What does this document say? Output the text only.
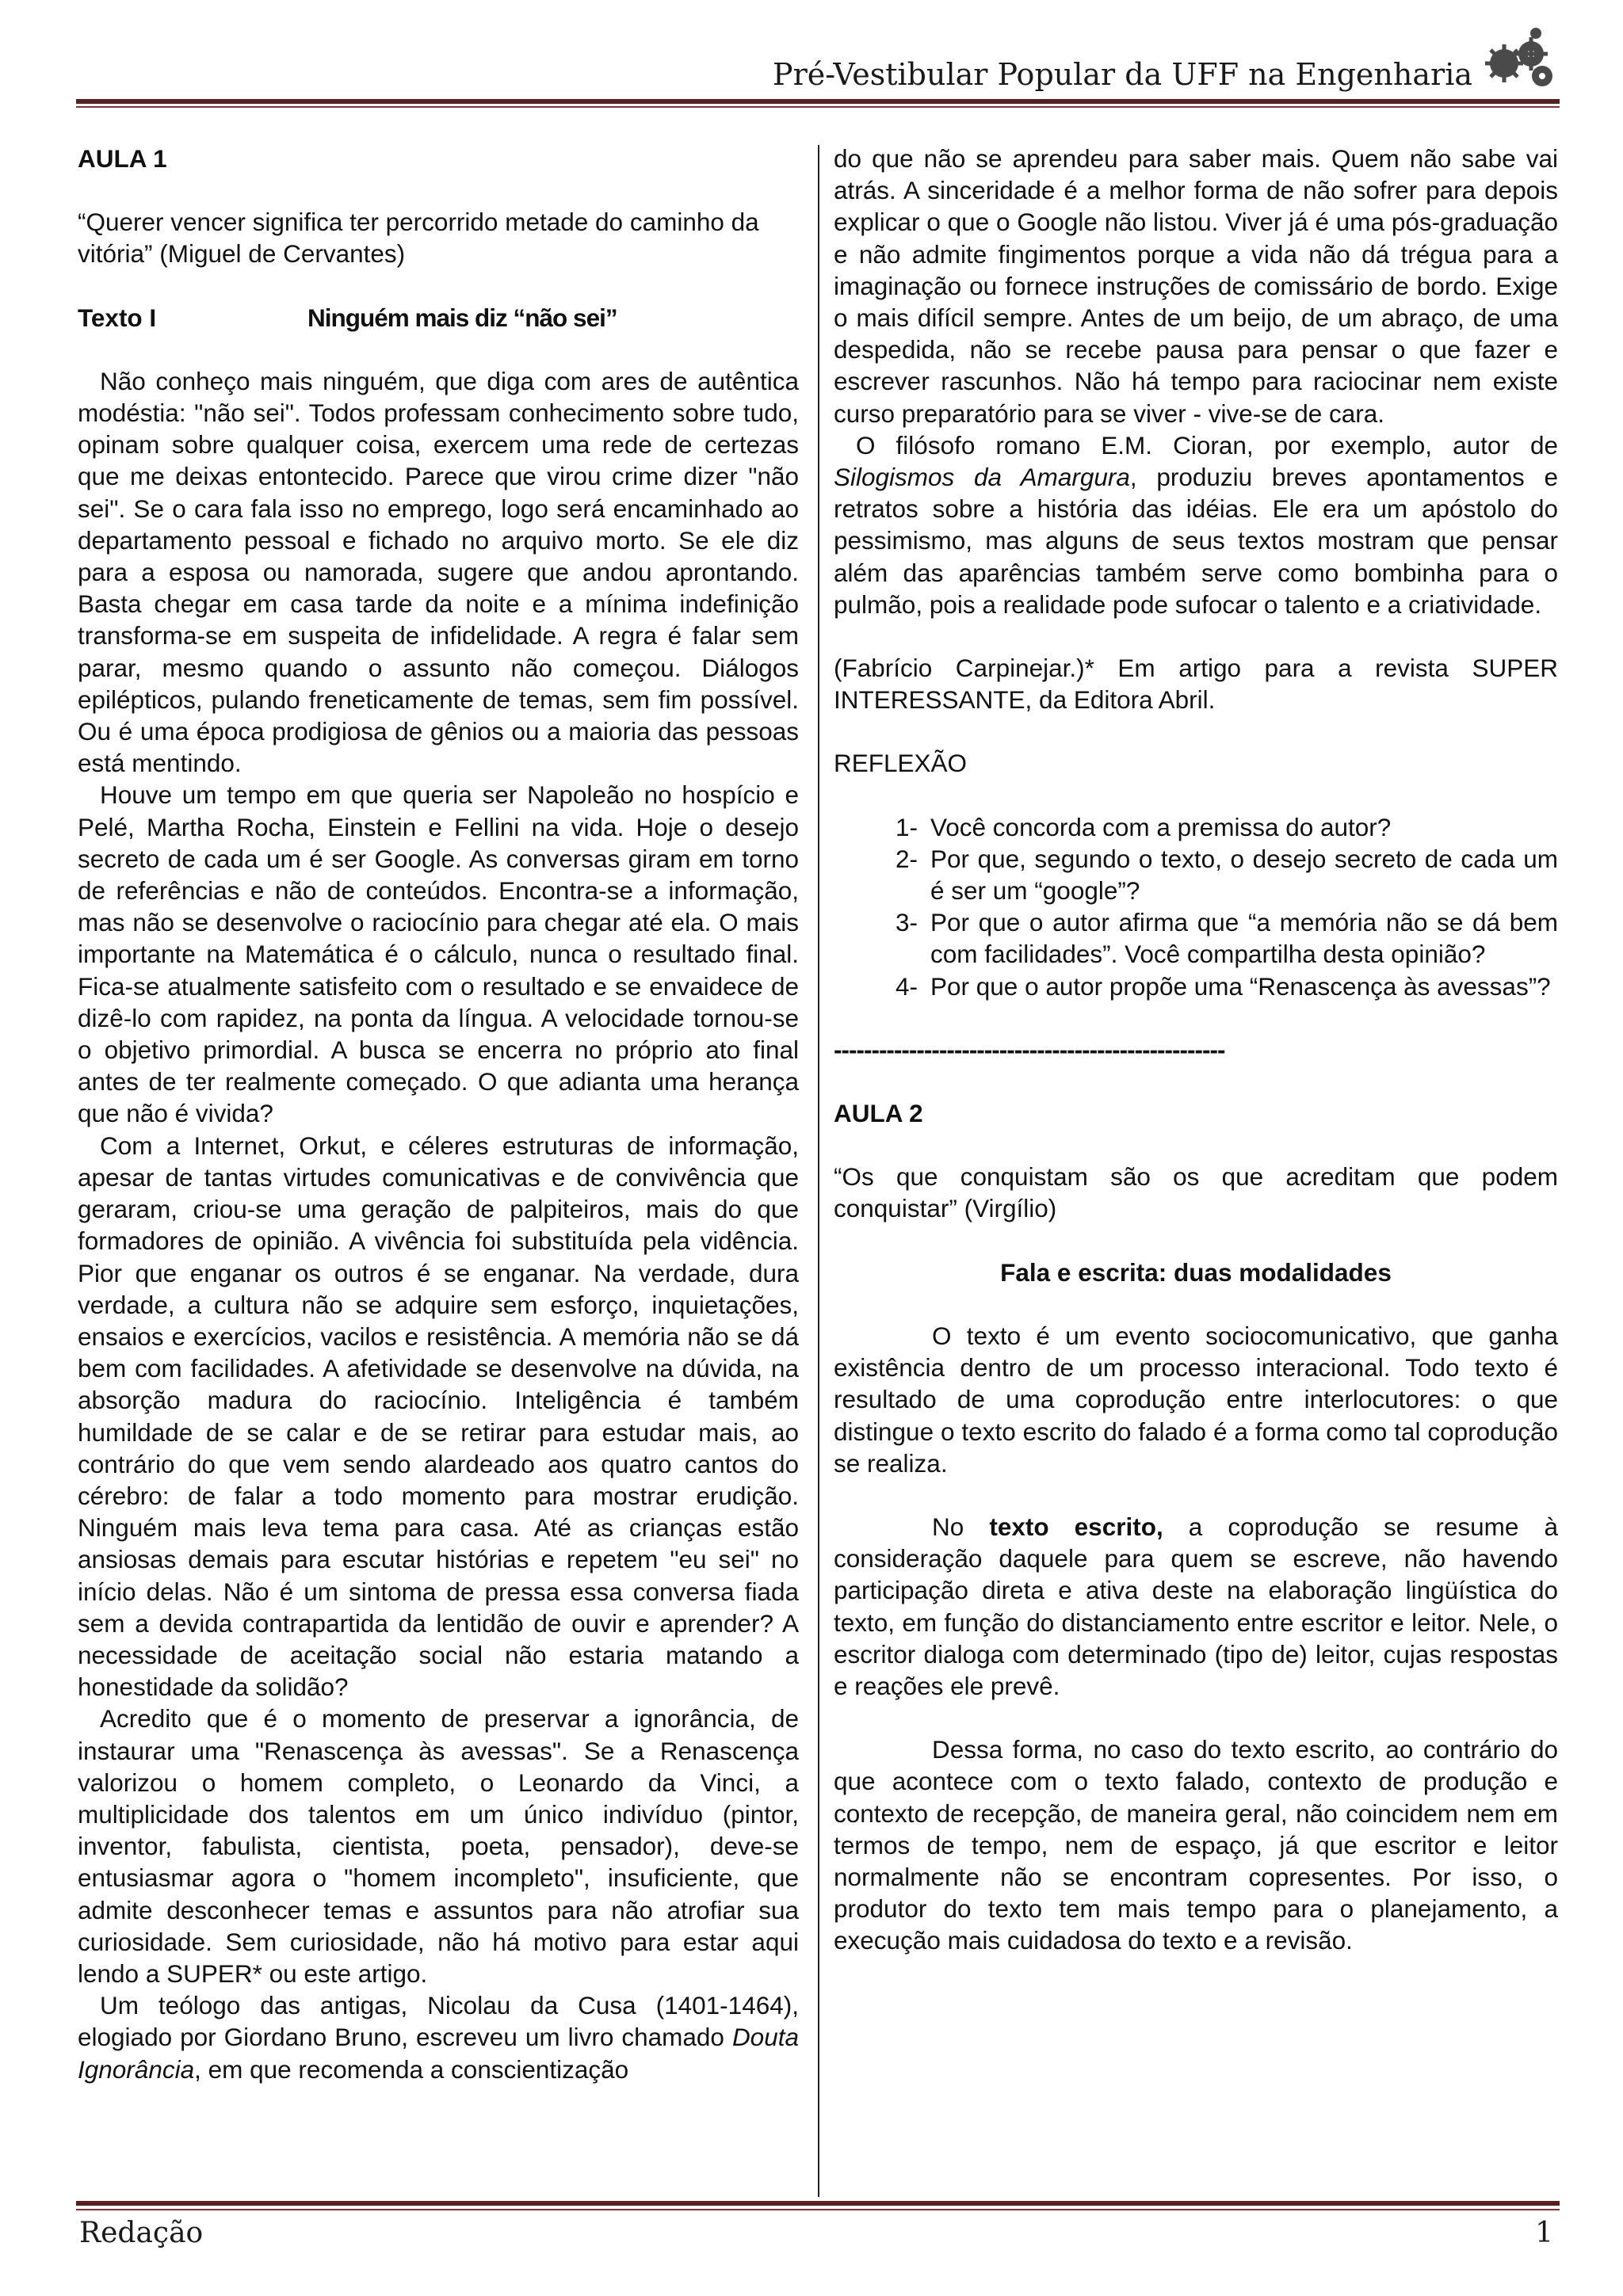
Pré-Vestibular Popular da UFF na Engenharia

AULA 1

“Querer vencer significa ter percorrido metade do caminho da vitória” (Miguel de Cervantes)

Texto I	Ninguém mais diz “não sei”

Não conheço mais ninguém, que diga com ares de autêntica modéstia: "não sei". Todos professam conhecimento sobre tudo, opinam sobre qualquer coisa, exercem uma rede de certezas que me deixas entontecido. Parece que virou crime dizer "não sei". Se o cara fala isso no emprego, logo será encaminhado ao departamento pessoal e fichado no arquivo morto. Se ele diz para a esposa ou namorada, sugere que andou aprontando. Basta chegar em casa tarde da noite e a mínima indefinição transforma-se em suspeita de infidelidade. A regra é falar sem parar, mesmo quando o assunto não começou. Diálogos epilépticos, pulando freneticamente de temas, sem fim possível. Ou é uma época prodigiosa de gênios ou a maioria das pessoas está mentindo.

Houve um tempo em que queria ser Napoleão no hospício e Pelé, Martha Rocha, Einstein e Fellini na vida. Hoje o desejo secreto de cada um é ser Google. As conversas giram em torno de referências e não de conteúdos. Encontra-se a informação, mas não se desenvolve o raciocínio para chegar até ela. O mais importante na Matemática é o cálculo, nunca o resultado final. Fica-se atualmente satisfeito com o resultado e se envaidece de dizê-lo com rapidez, na ponta da língua. A velocidade tornou-se o objetivo primordial. A busca se encerra no próprio ato final antes de ter realmente começado. O que adianta uma herança que não é vivida?

Com a Internet, Orkut, e céleres estruturas de informação, apesar de tantas virtudes comunicativas e de convivência que geraram, criou-se uma geração de palpiteiros, mais do que formadores de opinião. A vivência foi substituída pela vidência. Pior que enganar os outros é se enganar. Na verdade, dura verdade, a cultura não se adquire sem esforço, inquietações, ensaios e exercícios, vacilos e resistência. A memória não se dá bem com facilidades. A afetividade se desenvolve na dúvida, na absorção madura do raciocínio. Inteligência é também humildade de se calar e de se retirar para estudar mais, ao contrário do que vem sendo alardeado aos quatro cantos do cérebro: de falar a todo momento para mostrar erudição. Ninguém mais leva tema para casa. Até as crianças estão ansiosas demais para escutar histórias e repetem "eu sei" no início delas. Não é um sintoma de pressa essa conversa fiada sem a devida contrapartida da lentidão de ouvir e aprender? A necessidade de aceitação social não estaria matando a honestidade da solidão?

Acredito que é o momento de preservar a ignorância, de instaurar uma "Renascença às avessas". Se a Renascença valorizou o homem completo, o Leonardo da Vinci, a multiplicidade dos talentos em um único indivíduo (pintor, inventor, fabulista, cientista, poeta, pensador), deve-se entusiasmar agora o "homem incompleto", insuficiente, que admite desconhecer temas e assuntos para não atrofiar sua curiosidade. Sem curiosidade, não há motivo para estar aqui lendo a SUPER* ou este artigo.

Um teólogo das antigas, Nicolau da Cusa (1401-1464), elogiado por Giordano Bruno, escreveu um livro chamado Douta Ignorância, em que recomenda a conscientização

do que não se aprendeu para saber mais. Quem não sabe vai atrás. A sinceridade é a melhor forma de não sofrer para depois explicar o que o Google não listou. Viver já é uma pós-graduação e não admite fingimentos porque a vida não dá trégua para a imaginação ou fornece instruções de comissário de bordo. Exige o mais difícil sempre. Antes de um beijo, de um abraço, de uma despedida, não se recebe pausa para pensar o que fazer e escrever rascunhos. Não há tempo para raciocinar nem existe curso preparatório para se viver - vive-se de cara.

O filósofo romano E.M. Cioran, por exemplo, autor de Silogismos da Amargura, produziu breves apontamentos e retratos sobre a história das idéias. Ele era um apóstolo do pessimismo, mas alguns de seus textos mostram que pensar além das aparências também serve como bombinha para o pulmão, pois a realidade pode sufocar o talento e a criatividade.

(Fabrício Carpinejar.)* Em artigo para a revista SUPER INTERESSANTE, da Editora Abril.

REFLEXÃO

1- Você concorda com a premissa do autor?
2- Por que, segundo o texto, o desejo secreto de cada um é ser um “google”?
3- Por que o autor afirma que “a memória não se dá bem com facilidades”. Você compartilha desta opinião?
4- Por que o autor propõe uma “Renascença às avessas”?

----------------------------------------------------

AULA 2

“Os que conquistam são os que acreditam que podem conquistar” (Virgílio)

Fala e escrita: duas modalidades

O texto é um evento sociocomunicativo, que ganha existência dentro de um processo interacional. Todo texto é resultado de uma coprodução entre interlocutores: o que distingue o texto escrito do falado é a forma como tal coprodução se realiza.

No texto escrito, a coprodução se resume à consideração daquele para quem se escreve, não havendo participação direta e ativa deste na elaboração lingüística do texto, em função do distanciamento entre escritor e leitor. Nele, o escritor dialoga com determinado (tipo de) leitor, cujas respostas e reações ele prevê.

Dessa forma, no caso do texto escrito, ao contrário do que acontece com o texto falado, contexto de produção e contexto de recepção, de maneira geral, não coincidem nem em termos de tempo, nem de espaço, já que escritor e leitor normalmente não se encontram copresentes. Por isso, o produtor do texto tem mais tempo para o planejamento, a execução mais cuidadosa do texto e a revisão.

Redação	1
